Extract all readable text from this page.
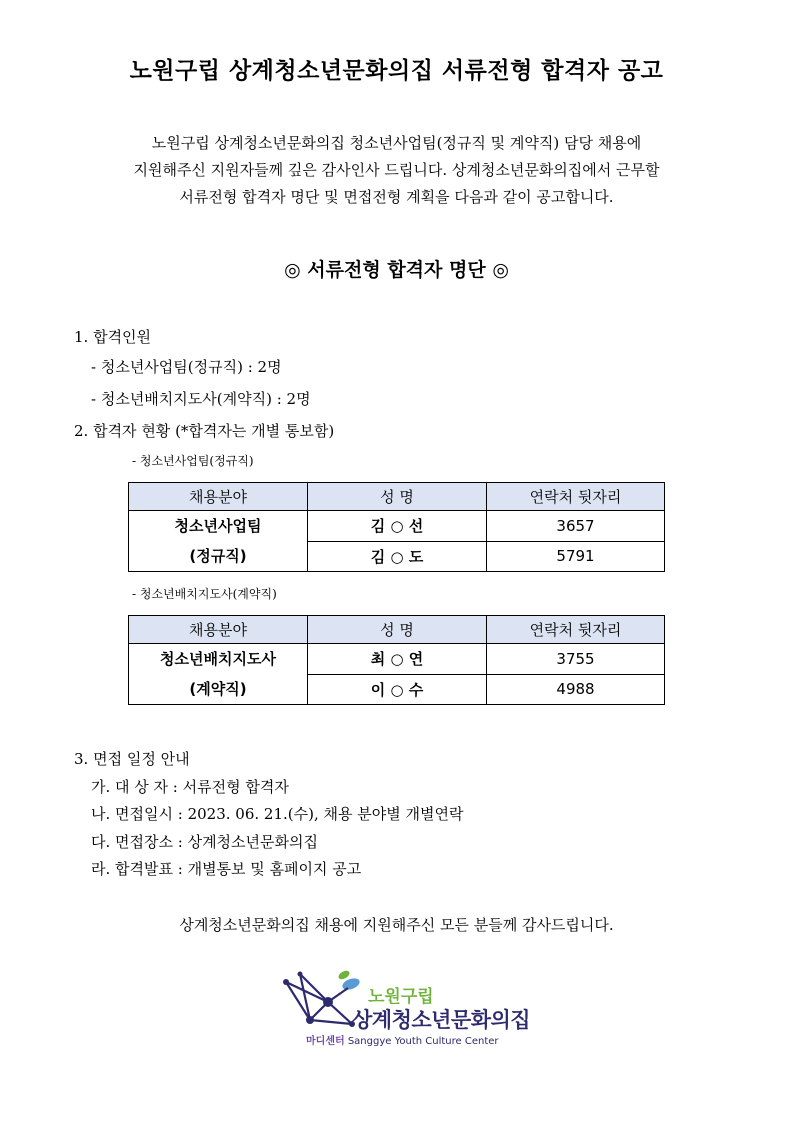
노원구립 상계청소년문화의집 서류전형 합격자 공고
노원구립 상계청소년문화의집 청소년사업팀(정규직 및 계약직) 담당 채용에
지원해주신 지원자들께 깊은 감사인사 드립니다. 상계청소년문화의집에서 근무할
서류전형 합격자 명단 및 면접전형 계획을 다음과 같이 공고합니다.
◎ 서류전형 합격자 명단 ◎
1. 합격인원
- 청소년사업팀(정규직) : 2명
- 청소년배치지도사(계약직) : 2명
2. 합격자 현황 (*합격자는 개별 통보함)
- 청소년사업팀(정규직)
채용분야	성 명	연락처 뒷자리

청소년사업팀
(정규직)	김 ○ 선	3657
	김 ○ 도	5791
- 청소년배치지도사(계약직)
채용분야	성 명	연락처 뒷자리

청소년배치지도사
(계약직)	최 ○ 연	3755
	이 ○ 수	4988
3. 면접 일정 안내
가. 대 상 자 : 서류전형 합격자
나. 면접일시 : 2023. 06. 21.(수), 채용 분야별 개별연락
다. 면접장소 : 상계청소년문화의집
라. 합격발표 : 개별통보 및 홈페이지 공고
상계청소년문화의집 채용에 지원해주신 모든 분들께 감사드립니다.
노원구립
상계청소년문화의집
마디센터 Sanggye Youth Culture Center
